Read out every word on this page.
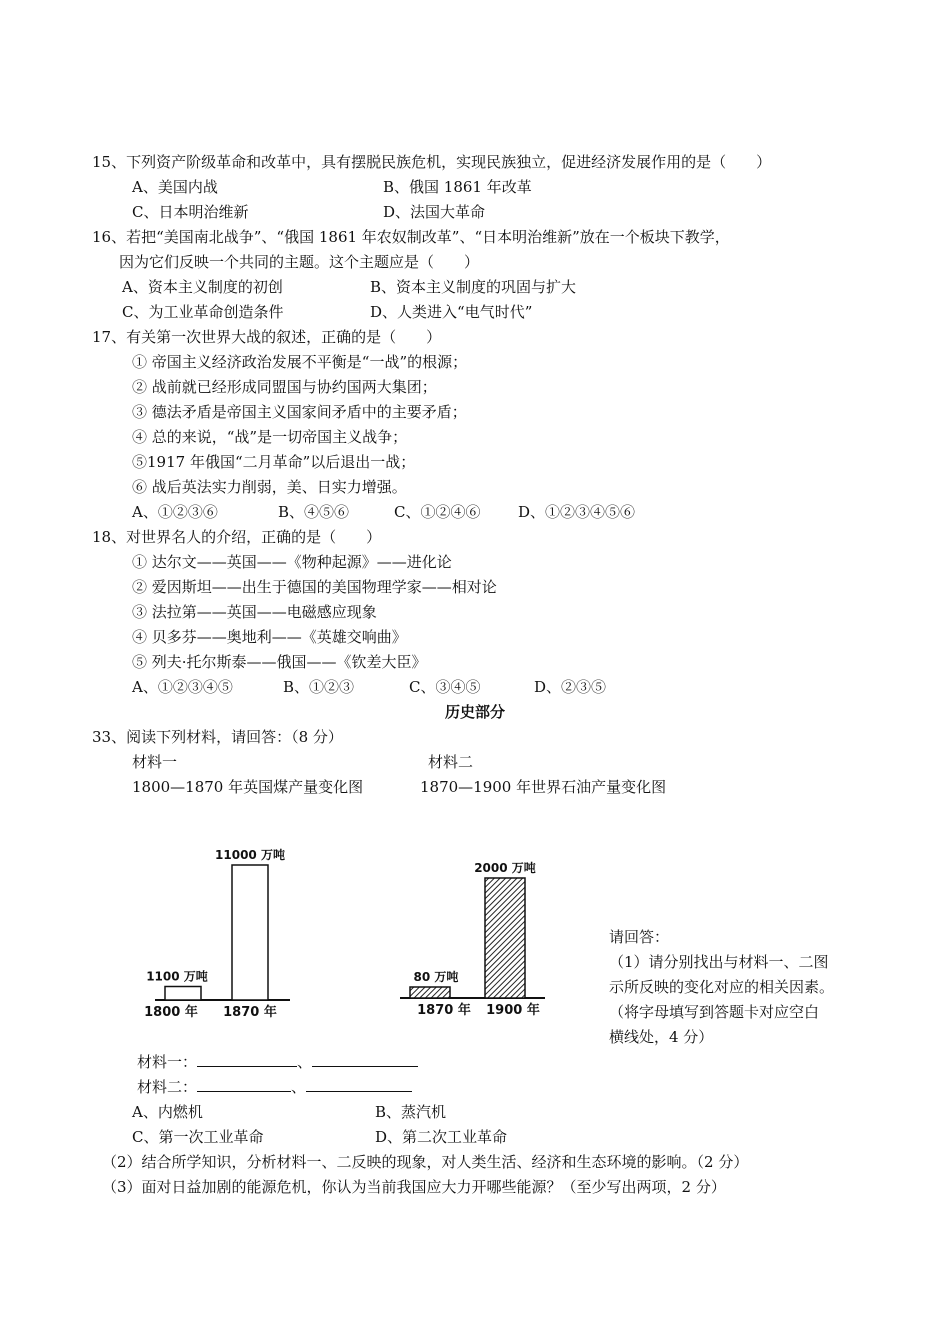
15、下列资产阶级革命和改革中，具有摆脱民族危机，实现民族独立，促进经济发展作用的是（　　）
A、美国内战	B、俄国 1861 年改革
C、日本明治维新	D、法国大革命
16、若把“美国南北战争”、“俄国 1861 年农奴制改革”、“日本明治维新”放在一个板块下教学，
因为它们反映一个共同的主题。这个主题应是（　　）
A、资本主义制度的初创	B、资本主义制度的巩固与扩大
C、为工业革命创造条件	D、人类进入“电气时代”
17、有关第一次世界大战的叙述，正确的是（　　）
① 帝国主义经济政治发展不平衡是“一战”的根源；
② 战前就已经形成同盟国与协约国两大集团；
③ 德法矛盾是帝国主义国家间矛盾中的主要矛盾；
④ 总的来说，“战”是一切帝国主义战争；
⑤1917 年俄国“二月革命”以后退出一战；
⑥ 战后英法实力削弱，美、日实力增强。
A、①②③⑥	B、④⑤⑥	C、①②④⑥	D、①②③④⑤⑥
18、对世界名人的介绍，正确的是（　　）
① 达尔文——英国——《物种起源》——进化论
② 爱因斯坦——出生于德国的美国物理学家——相对论
③ 法拉第——英国——电磁感应现象
④ 贝多芬——奥地利——《英雄交响曲》
⑤ 列夫·托尔斯泰——俄国——《钦差大臣》
A、①②③④⑤	B、①②③	C、③④⑤	D、②③⑤
历史部分
33、阅读下列材料，请回答：（8 分）
材料一	材料二
1800—1870 年英国煤产量变化图	1870—1900 年世界石油产量变化图
1100 万吨
1800 年
11000 万吨
1870 年
80 万吨
1870 年
2000 万吨
1900 年
请回答：
（1）请分别找出与材料一、二图
示所反映的变化对应的相关因素。
（将字母填写到答题卡对应空白
横线处，4 分）
材料一：	、
材料二：	、
A、内燃机	B、蒸汽机
C、第一次工业革命	D、第二次工业革命
（2）结合所学知识，分析材料一、二反映的现象，对人类生活、经济和生态环境的影响。（2 分）
（3）面对日益加剧的能源危机，你认为当前我国应大力开哪些能源？（至少写出两项，2 分）
